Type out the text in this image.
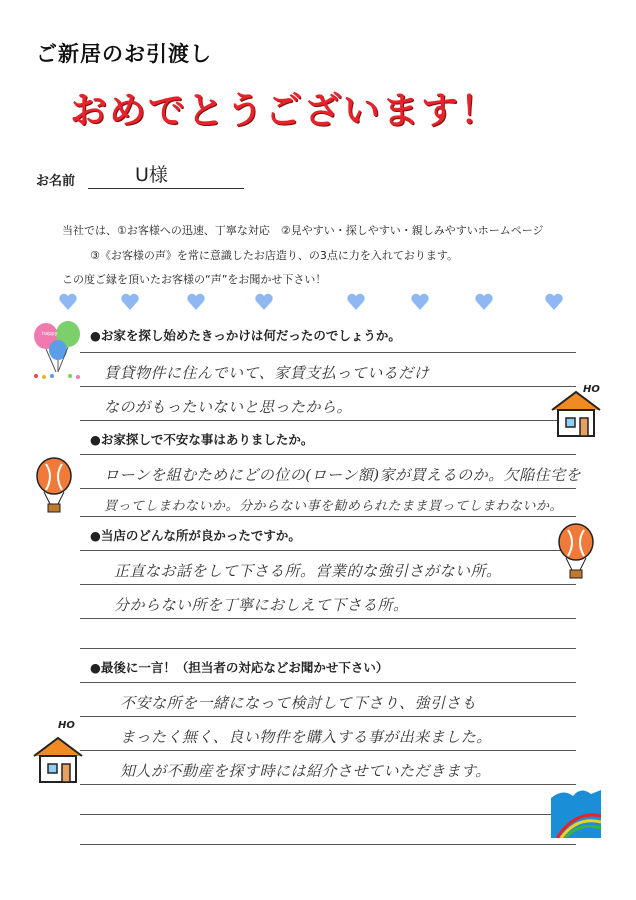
ご新居のお引渡し
おめでとうございます！
お名前	U様
当社では、①お客様への迅速、丁寧な対応　②見やすい・探しやすい・親しみやすいホームページ
③《お客様の声》を常に意識したお店造り、の3点に力を入れております。
この度ご縁を頂いたお客様の“声”をお聞かせ下さい！
happy	●お家を探し始めたきっかけは何だったのでしょうか。
賃貸物件に住んでいて、家賃支払っているだけ
なのがもったいないと思ったから。
HO
●お家探しで不安な事はありましたか。
ローンを組むためにどの位の(ローン額)家が買えるのか。欠陥住宅を
買ってしまわないか。分からない事を勧められたまま買ってしまわないか。
●当店のどんな所が良かったですか。
正直なお話をして下さる所。営業的な強引さがない所。
分からない所を丁寧におしえて下さる所。
●最後に一言！（担当者の対応などお聞かせ下さい）
不安な所を一緒になって検討して下さり、強引さも
まったく無く、良い物件を購入する事が出来ました。
知人が不動産を探す時には紹介させていただきます。
HO
